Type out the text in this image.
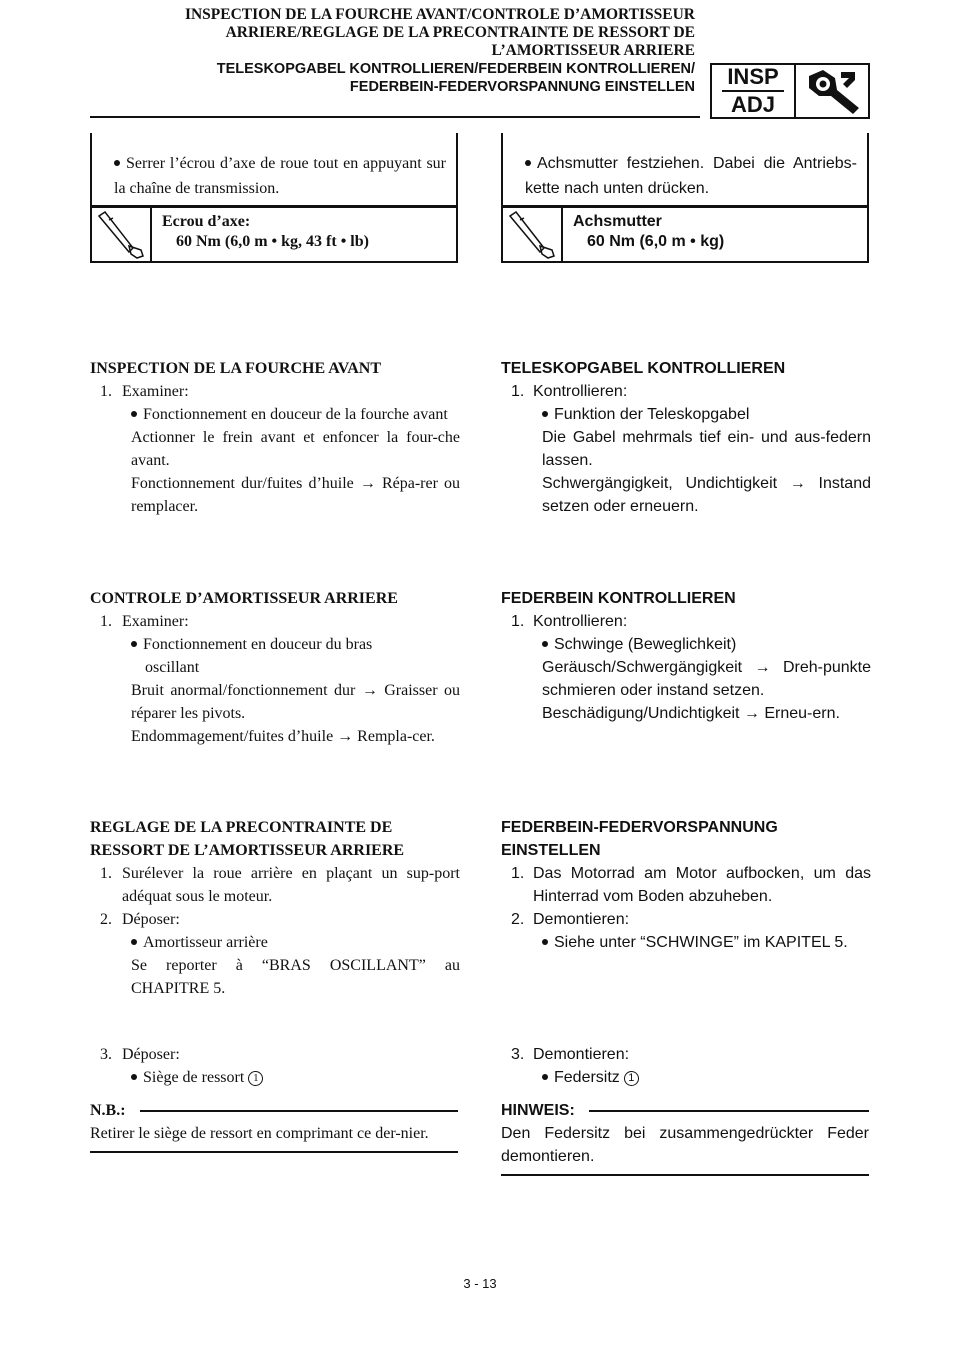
INSPECTION DE LA FOURCHE AVANT/CONTROLE D’AMORTISSEUR
ARRIERE/REGLAGE DE LA PRECONTRAINTE DE RESSORT DE
L’AMORTISSEUR ARRIERE
TELESKOPGABEL KONTROLLIEREN/FEDERBEIN KONTROLLIEREN/
FEDERBEIN-FEDERVORSPANNUNG EINSTELLEN INSP
ADJ
Serrer l’écrou d’axe de roue tout en appuyant sur la chaîne de transmission.
Ecrou d’axe:
60 Nm (6,0 m • kg, 43 ft • lb)
Achsmutter festziehen. Dabei die Antriebs-kette nach unten drücken.
Achsmutter
60 Nm (6,0 m • kg)
INSPECTION DE LA FOURCHE AVANT
1. Examiner:
Fonctionnement en douceur de la fourche avant
Actionner le frein avant et enfoncer la four-che avant.
Fonctionnement dur/fuites d’huile → Répa-rer ou remplacer.
TELESKOPGABEL KONTROLLIEREN
1. Kontrollieren:
Funktion der Teleskopgabel
Die Gabel mehrmals tief ein- und aus-federn lassen.
Schwergängigkeit, Undichtigkeit → Instand setzen oder erneuern.
CONTROLE D’AMORTISSEUR ARRIERE
1. Examiner:
Fonctionnement en douceur du bras oscillant
Bruit anormal/fonctionnement dur → Graisser ou réparer les pivots.
Endommagement/fuites d’huile → Rempla-cer.
FEDERBEIN KONTROLLIEREN
1. Kontrollieren:
Schwinge (Beweglichkeit)
Geräusch/Schwergängigkeit → Dreh-punkte schmieren oder instand setzen.
Beschädigung/Undichtigkeit → Erneu-ern.
REGLAGE DE LA PRECONTRAINTE DE
RESSORT DE L’AMORTISSEUR ARRIERE
1. Surélever la roue arrière en plaçant un sup-port adéquat sous le moteur.
2. Déposer:
Amortisseur arrière
Se reporter à “BRAS OSCILLANT” au CHAPITRE 5.
3. Déposer:
Siège de ressort 1
FEDERBEIN-FEDERVORSPANNUNG
EINSTELLEN
1. Das Motorrad am Motor aufbocken, um das Hinterrad vom Boden abzuheben.
2. Demontieren:
Siehe unter “SCHWINGE” im KAPITEL 5.
3. Demontieren:
Federsitz 1
N.B.:
Retirer le siège de ressort en comprimant ce der-nier.
HINWEIS:
Den Federsitz bei zusammengedrückter Feder demontieren.
3 - 13
